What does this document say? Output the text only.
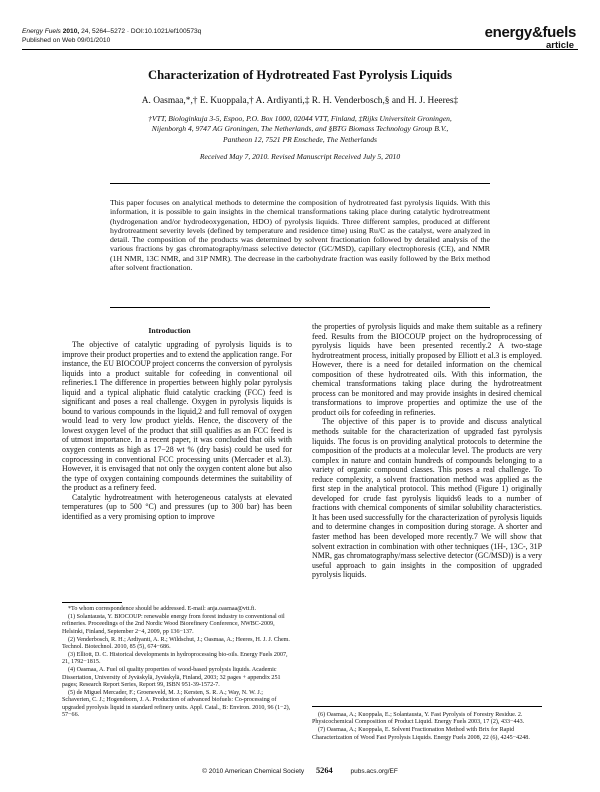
Energy Fuels 2010, 24, 5264–5272 · DOI:10.1021/ef100573q
Published on Web 09/01/2010	energy&fuels
article
Characterization of Hydrotreated Fast Pyrolysis Liquids
A. Oasmaa,*,† E. Kuoppala,† A. Ardiyanti,‡ R. H. Venderbosch,§ and H. J. Heeres‡
†VTT, Biologinkuja 3-5, Espoo, P.O. Box 1000, 02044 VTT, Finland, ‡Rijks Universiteit Groningen,
Nijenborgh 4, 9747 AG Groningen, The Netherlands, and §BTG Biomass Technology Group B.V.,
Pantheon 12, 7521 PR Enschede, The Netherlands
Received May 7, 2010. Revised Manuscript Received July 5, 2010
This paper focuses on analytical methods to determine the composition of hydrotreated fast pyrolysis liquids. With this information, it is possible to gain insights in the chemical transformations taking place during catalytic hydrotreatment (hydrogenation and/or hydrodeoxygenation, HDO) of pyrolysis liquids. Three different samples, produced at different hydrotreatment severity levels (defined by temperature and residence time) using Ru/C as the catalyst, were analyzed in detail. The composition of the products was determined by solvent fractionation followed by detailed analysis of the various fractions by gas chromatography/mass selective detector (GC/MSD), capillary electrophoresis (CE), and NMR (1H NMR, 13C NMR, and 31P NMR). The decrease in the carbohydrate fraction was easily followed by the Brix method after solvent fractionation.
Introduction

The objective of catalytic upgrading of pyrolysis liquids is to improve their product properties and to extend the application range. For instance, the EU BIOCOUP project concerns the conversion of pyrolysis liquids into a product suitable for cofeeding in conventional oil refineries.1 The difference in properties between highly polar pyrolysis liquid and a typical aliphatic fluid catalytic cracking (FCC) feed is significant and poses a real challenge. Oxygen in pyrolysis liquids is bound to various compounds in the liquid,2 and full removal of oxygen would lead to very low product yields. Hence, the discovery of the lowest oxygen level of the product that still qualifies as an FCC feed is of utmost importance. In a recent paper, it was concluded that oils with oxygen contents as high as 17−28 wt % (dry basis) could be used for coprocessing in conventional FCC processing units (Mercader et al.3). However, it is envisaged that not only the oxygen content alone but also the type of oxygen containing compounds determines the suitability of the product as a refinery feed.

Catalytic hydrotreatment with heterogeneous catalysts at elevated temperatures (up to 500 °C) and pressures (up to 300 bar) has been identified as a very promising option to improve

the properties of pyrolysis liquids and make them suitable as a refinery feed. Results from the BIOCOUP project on the hydroprocessing of pyrolysis liquids have been presented recently.2 A two-stage hydrotreatment process, initially proposed by Elliott et al.3 is employed. However, there is a need for detailed information on the chemical composition of these hydrotreated oils. With this information, the chemical transformations taking place during the hydrotreatment process can be monitored and may provide insights in desired chemical transformations to improve properties and optimize the use of the product oils for cofeeding in refineries.

The objective of this paper is to provide and discuss analytical methods suitable for the characterization of upgraded fast pyrolysis liquids. The focus is on providing analytical protocols to determine the composition of the products at a molecular level. The products are very complex in nature and contain hundreds of compounds belonging to a variety of organic compound classes. This poses a real challenge. To reduce complexity, a solvent fractionation method was applied as the first step in the analytical protocol. This method (Figure 1) originally developed for crude fast pyrolysis liquids6 leads to a number of fractions with chemical components of similar solubility characteristics. It has been used successfully for the characterization of pyrolysis liquids and to determine changes in composition during storage. A shorter and faster method has been developed more recently.7 We will show that solvent extraction in combination with other techniques (1H-, 13C-, 31P NMR, gas chromatography/mass selective detector (GC/MSD)) is a very useful approach to gain insights in the composition of upgraded pyrolysis liquids.

*To whom correspondence should be addressed. E-mail: anja.oasmaa@vtt.fi.

(1) Solantausta, Y. BIOCOUP: renewable energy from forest industry to conventional oil refineries. Proceedings of the 2nd Nordic Wood Biorefinery Conference, NWBC-2009, Helsinki, Finland, September 2−4, 2009, pp 136−137.

(2) Venderbosch, R. H.; Ardiyanti, A. R.; Wildschut, J.; Oasmaa, A.; Heeres, H. J. J. Chem. Technol. Biotechnol. 2010, 85 (5), 674−686.

(3) Elliott, D. C. Historical developments in hydroprocessing bio-oils. Energy Fuels 2007, 21, 1792−1815.

(4) Oasmaa, A. Fuel oil quality properties of wood-based pyrolysis liquids. Academic Dissertation, University of Jyväskylä, Jyväskylä, Finland, 2003; 32 pages + appendix 251 pages; Research Report Series, Report 99, ISBN 951-39-1572-7.

(5) de Miguel Mercader, F.; Groeneveld, M. J.; Kersten, S. R. A.; Way, N. W. J.; Schaverien, C. J.; Hogendoorn, J. A. Production of advanced biofuels: Co-processing of upgraded pyrolysis liquid in standard refinery units. Appl. Catal., B: Environ. 2010, 96 (1−2), 57−66.	(6) Oasmaa, A.; Kuoppala, E.; Solantausta, Y. Fast Pyrolysis of Forestry Residue. 2. Physicochemical Composition of Product Liquid. Energy Fuels 2003, 17 (2), 433−443.

(7) Oasmaa, A.; Kuoppala, E. Solvent Fractionation Method with Brix for Rapid Characterization of Wood Fast Pyrolysis Liquids. Energy Fuels 2008, 22 (6), 4245−4248.

© 2010 American Chemical Society 5264	pubs.acs.org/EF
